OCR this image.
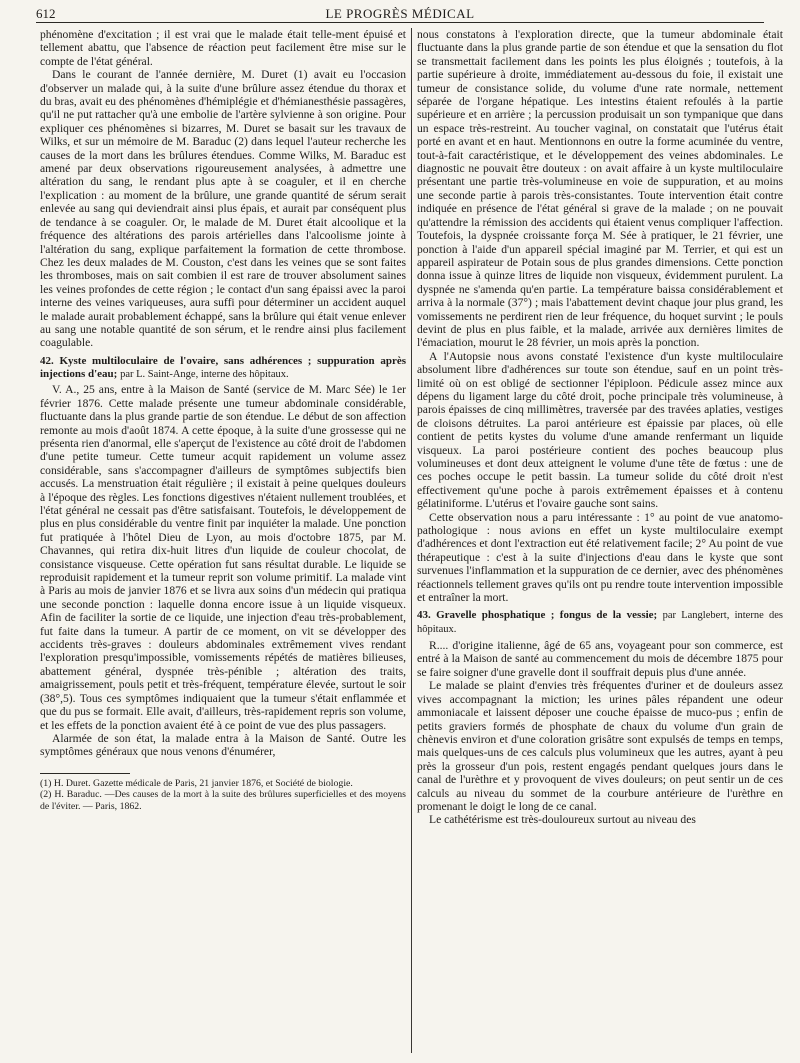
612	LE PROGRÈS MÉDICAL

phénomène d'excitation ; il est vrai que le malade était telle-ment épuisé et tellement abattu, que l'absence de réaction peut facilement être mise sur le compte de l'état général.

Dans le courant de l'année dernière, M. Duret (1) avait eu l'occasion d'observer un malade qui, à la suite d'une brûlure assez étendue du thorax et du bras, avait eu des phénomènes d'hémiplégie et d'hémianesthésie passagères, qu'il ne put rattacher qu'à une embolie de l'artère sylvienne à son origine. Pour expliquer ces phénomènes si bizarres, M. Duret se basait sur les travaux de Wilks, et sur un mémoire de M. Baraduc (2) dans lequel l'auteur recherche les causes de la mort dans les brûlures étendues. Comme Wilks, M. Baraduc est amené par deux observations rigoureusement analysées, à admettre une altération du sang, le rendant plus apte à se coaguler, et il en cherche l'explication : au moment de la brûlure, une grande quantité de sérum serait enlevée au sang qui deviendrait ainsi plus épais, et aurait par conséquent plus de tendance à se coaguler. Or, le malade de M. Duret était alcoolique et la fréquence des altérations des parois artérielles dans l'alcoolisme jointe à l'altération du sang, explique parfaitement la formation de cette thrombose. Chez les deux malades de M. Couston, c'est dans les veines que se sont faites les thromboses, mais on sait combien il est rare de trouver absolument saines les veines profondes de cette région ; le contact d'un sang épaissi avec la paroi interne des veines variqueuses, aura suffi pour déterminer un accident auquel le malade aurait probablement échappé, sans la brûlure qui était venue enlever au sang une notable quantité de son sérum, et le rendre ainsi plus facilement coagulable.

42. Kyste multiloculaire de l'ovaire, sans adhérences ; suppuration après injections d'eau; par L. Saint-Ange, interne des hôpitaux.

V. A., 25 ans, entre à la Maison de Santé (service de M. Marc Sée) le 1er février 1876. Cette malade présente une tumeur abdominale considérable, fluctuante dans la plus grande partie de son étendue. Le début de son affection remonte au mois d'août 1874. A cette époque, à la suite d'une grossesse qui ne présenta rien d'anormal, elle s'aperçut de l'existence au côté droit de l'abdomen d'une petite tumeur. Cette tumeur acquit rapidement un volume assez considérable, sans s'accompagner d'ailleurs de symptômes subjectifs bien accusés. La menstruation était régulière ; il existait à peine quelques douleurs à l'époque des règles. Les fonctions digestives n'étaient nullement troublées, et l'état général ne cessait pas d'être satisfaisant. Toutefois, le développement de plus en plus considérable du ventre finit par inquiéter la malade. Une ponction fut pratiquée à l'hôtel Dieu de Lyon, au mois d'octobre 1875, par M. Chavannes, qui retira dix-huit litres d'un liquide de couleur chocolat, de consistance visqueuse. Cette opération fut sans résultat durable. Le liquide se reproduisit rapidement et la tumeur reprit son volume primitif. La malade vint à Paris au mois de janvier 1876 et se livra aux soins d'un médecin qui pratiqua une seconde ponction : laquelle donna encore issue à un liquide visqueux. Afin de faciliter la sortie de ce liquide, une injection d'eau très-probablement, fut faite dans la tumeur. A partir de ce moment, on vit se développer des accidents très-graves : douleurs abdominales extrêmement vives rendant l'exploration presqu'impossible, vomissements répétés de matières bilieuses, abattement général, dyspnée très-pénible ; altération des traits, amaigrissement, pouls petit et très-fréquent, température élevée, surtout le soir (38°,5). Tous ces symptômes indiquaient que la tumeur s'était enflammée et que du pus se formait. Elle avait, d'ailleurs, très-rapidement repris son volume, et les effets de la ponction avaient été à ce point de vue des plus passagers.

Alarmée de son état, la malade entra à la Maison de Santé. Outre les symptômes généraux que nous venons d'énumérer,

(1) H. Duret. Gazette médicale de Paris, 21 janvier 1876, et Société de biologie.

(2) H. Baraduc. —Des causes de la mort à la suite des brûlures superficielles et des moyens de l'éviter. — Paris, 1862.

nous constatons à l'exploration directe, que la tumeur abdominale était fluctuante dans la plus grande partie de son étendue et que la sensation du flot se transmettait facilement dans les points les plus éloignés ; toutefois, à la partie supérieure à droite, immédiatement au-dessous du foie, il existait une tumeur de consistance solide, du volume d'une rate normale, nettement séparée de l'organe hépatique. Les intestins étaient refoulés à la partie supérieure et en arrière ; la percussion produisait un son tympanique que dans un espace très-restreint. Au toucher vaginal, on constatait que l'utérus était porté en avant et en haut. Mentionnons en outre la forme acuminée du ventre, tout-à-fait caractéristique, et le développement des veines abdominales. Le diagnostic ne pouvait être douteux : on avait affaire à un kyste multiloculaire présentant une partie très-volumineuse en voie de suppuration, et au moins une seconde partie à parois très-consistantes. Toute intervention était contre indiquée en présence de l'état général si grave de la malade ; on ne pouvait qu'attendre la rémission des accidents qui étaient venus compliquer l'affection. Toutefois, la dyspnée croissante força M. Sée à pratiquer, le 21 février, une ponction à l'aide d'un appareil spécial imaginé par M. Terrier, et qui est un appareil aspirateur de Potain sous de plus grandes dimensions. Cette ponction donna issue à quinze litres de liquide non visqueux, évidemment purulent. La dyspnée ne s'amenda qu'en partie. La température baissa considérablement et arriva à la normale (37°) ; mais l'abattement devint chaque jour plus grand, les vomissements ne perdirent rien de leur fréquence, du hoquet survint ; le pouls devint de plus en plus faible, et la malade, arrivée aux dernières limites de l'émaciation, mourut le 28 février, un mois après la ponction.

A l'Autopsie nous avons constaté l'existence d'un kyste multiloculaire absolument libre d'adhérences sur toute son étendue, sauf en un point très-limité où on est obligé de sectionner l'épiploon. Pédicule assez mince aux dépens du ligament large du côté droit, poche principale très volumineuse, à parois épaisses de cinq millimètres, traversée par des travées aplaties, vestiges de cloisons détruites. La paroi antérieure est épaissie par places, où elle contient de petits kystes du volume d'une amande renfermant un liquide visqueux. La paroi postérieure contient des poches beaucoup plus volumineuses et dont deux atteignent le volume d'une tête de fœtus : une de ces poches occupe le petit bassin. La tumeur solide du côté droit n'est effectivement qu'une poche à parois extrêmement épaisses et à contenu gélatiniforme. L'utérus et l'ovaire gauche sont sains.

Cette observation nous a paru intéressante : 1° au point de vue anatomo-pathologique : nous avions en effet un kyste multiloculaire exempt d'adhérences et dont l'extraction eut été relativement facile; 2° Au point de vue thérapeutique : c'est à la suite d'injections d'eau dans le kyste que sont survenues l'inflammation et la suppuration de ce dernier, avec des phénomènes réactionnels tellement graves qu'ils ont pu rendre toute intervention impossible et entraîner la mort.

43. Gravelle phosphatique ; fongus de la vessie; par Langlebert, interne des hôpitaux.

R.... d'origine italienne, âgé de 65 ans, voyageant pour son commerce, est entré à la Maison de santé au commencement du mois de décembre 1875 pour se faire soigner d'une gravelle dont il souffrait depuis plus d'une année.

Le malade se plaint d'envies très fréquentes d'uriner et de douleurs assez vives accompagnant la miction; les urines pâles répandent une odeur ammoniacale et laissent déposer une couche épaisse de muco-pus ; enfin de petits graviers formés de phosphate de chaux du volume d'un grain de chènevis environ et d'une coloration grisâtre sont expulsés de temps en temps, mais quelques-uns de ces calculs plus volumineux que les autres, ayant à peu près la grosseur d'un pois, restent engagés pendant quelques jours dans le canal de l'urèthre et y provoquent de vives douleurs; on peut sentir un de ces calculs au niveau du sommet de la courbure antérieure de l'urèthre en promenant le doigt le long de ce canal.

Le cathétérisme est très-douloureux surtout au niveau des
